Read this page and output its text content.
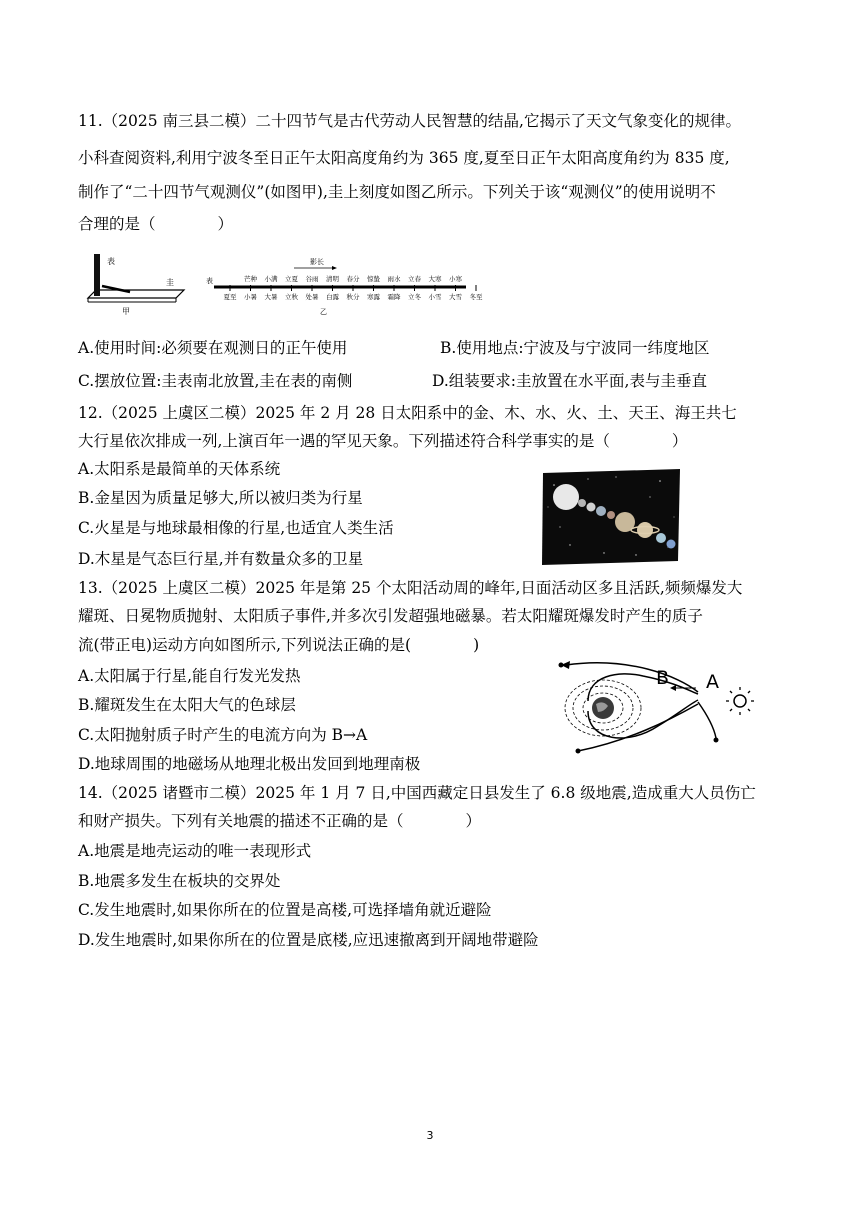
11.（2025 南三县二模）二十四节气是古代劳动人民智慧的结晶,它揭示了天文气象变化的规律。
小科查阅资料,利用宁波冬至日正午太阳高度角约为 365 度,夏至日正午太阳高度角约为 835 度,
制作了“二十四节气观测仪”(如图甲),圭上刻度如图乙所示。下列关于该“观测仪”的使用说明不
合理的是（　　　　）
表
圭
甲
表
影长
芒种 小满 立夏 谷雨 清明 春分 惊蛰 雨水 立春 大寒 小寒
夏至 小暑 大暑 立秋 处暑 白露 秋分 寒露 霜降 立冬 小雪 大雪 冬至
乙
A.使用时间:必须要在观测日的正午使用	B.使用地点:宁波及与宁波同一纬度地区
C.摆放位置:圭表南北放置,圭在表的南侧	D.组装要求:圭放置在水平面,表与圭垂直
12.（2025 上虞区二模）2025 年 2 月 28 日太阳系中的金、木、水、火、土、天王、海王共七
大行星依次排成一列,上演百年一遇的罕见天象。下列描述符合科学事实的是（　　　　）
A.太阳系是最简单的天体系统
B.金星因为质量足够大,所以被归类为行星
C.火星是与地球最相像的行星,也适宜人类生活
D.木星是气态巨行星,并有数量众多的卫星
13.（2025 上虞区二模）2025 年是第 25 个太阳活动周的峰年,日面活动区多且活跃,频频爆发大
耀斑、日冕物质抛射、太阳质子事件,并多次引发超强地磁暴。若太阳耀斑爆发时产生的质子
流(带正电)运动方向如图所示,下列说法正确的是(　　　　)
B A
A.太阳属于行星,能自行发光发热
B.耀斑发生在太阳大气的色球层
C.太阳抛射质子时产生的电流方向为 B→A
D.地球周围的地磁场从地理北极出发回到地理南极
14.（2025 诸暨市二模）2025 年 1 月 7 日,中国西藏定日县发生了 6.8 级地震,造成重大人员伤亡
和财产损失。下列有关地震的描述不正确的是（　　　　）
A.地震是地壳运动的唯一表现形式
B.地震多发生在板块的交界处
C.发生地震时,如果你所在的位置是高楼,可选择墙角就近避险
D.发生地震时,如果你所在的位置是底楼,应迅速撤离到开阔地带避险
3
